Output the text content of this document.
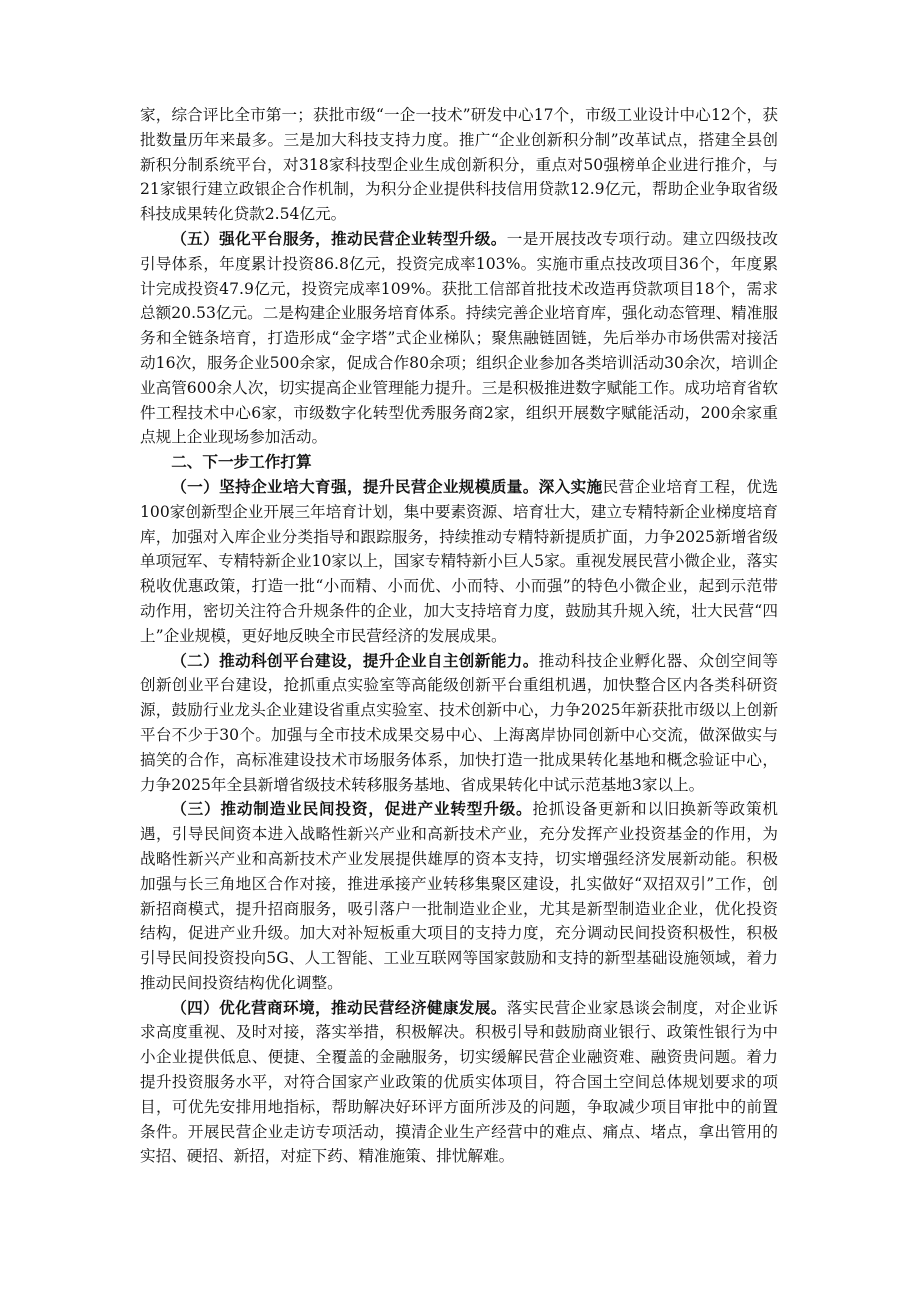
家，综合评比全市第一；获批市级“一企一技术”研发中心17个，市级工业设计中心12个，获批数量历年来最多。三是加大科技支持力度。推广“企业创新积分制”改革试点，搭建全县创新积分制系统平台，对318家科技型企业生成创新积分，重点对50强榜单企业进行推介，与21家银行建立政银企合作机制，为积分企业提供科技信用贷款12.9亿元，帮助企业争取省级科技成果转化贷款2.54亿元。

（五）强化平台服务，推动民营企业转型升级。一是开展技改专项行动。建立四级技改引导体系，年度累计投资86.8亿元，投资完成率103%。实施市重点技改项目36个，年度累计完成投资47.9亿元，投资完成率109%。获批工信部首批技术改造再贷款项目18个，需求总额20.53亿元。二是构建企业服务培育体系。持续完善企业培育库，强化动态管理、精准服务和全链条培育，打造形成“金字塔”式企业梯队；聚焦融链固链，先后举办市场供需对接活动16次，服务企业500余家，促成合作80余项；组织企业参加各类培训活动30余次，培训企业高管600余人次，切实提高企业管理能力提升。三是积极推进数字赋能工作。成功培育省软件工程技术中心6家，市级数字化转型优秀服务商2家，组织开展数字赋能活动，200余家重点规上企业现场参加活动。

二、下一步工作打算

（一）坚持企业培大育强，提升民营企业规模质量。深入实施民营企业培育工程，优选100家创新型企业开展三年培育计划，集中要素资源、培育壮大，建立专精特新企业梯度培育库，加强对入库企业分类指导和跟踪服务，持续推动专精特新提质扩面，力争2025新增省级单项冠军、专精特新企业10家以上，国家专精特新小巨人5家。重视发展民营小微企业，落实税收优惠政策，打造一批“小而精、小而优、小而特、小而强”的特色小微企业，起到示范带动作用，密切关注符合升规条件的企业，加大支持培育力度，鼓励其升规入统，壮大民营“四上”企业规模，更好地反映全市民营经济的发展成果。

（二）推动科创平台建设，提升企业自主创新能力。推动科技企业孵化器、众创空间等创新创业平台建设，抢抓重点实验室等高能级创新平台重组机遇，加快整合区内各类科研资源，鼓励行业龙头企业建设省重点实验室、技术创新中心，力争2025年新获批市级以上创新平台不少于30个。加强与全市技术成果交易中心、上海离岸协同创新中心交流，做深做实与搞笑的合作，高标准建设技术市场服务体系，加快打造一批成果转化基地和概念验证中心，力争2025年全县新增省级技术转移服务基地、省成果转化中试示范基地3家以上。

（三）推动制造业民间投资，促进产业转型升级。抢抓设备更新和以旧换新等政策机遇，引导民间资本进入战略性新兴产业和高新技术产业，充分发挥产业投资基金的作用，为战略性新兴产业和高新技术产业发展提供雄厚的资本支持，切实增强经济发展新动能。积极加强与长三角地区合作对接，推进承接产业转移集聚区建设，扎实做好“双招双引”工作，创新招商模式，提升招商服务，吸引落户一批制造业企业，尤其是新型制造业企业，优化投资结构，促进产业升级。加大对补短板重大项目的支持力度，充分调动民间投资积极性，积极引导民间投资投向5G、人工智能、工业互联网等国家鼓励和支持的新型基础设施领域，着力推动民间投资结构优化调整。

（四）优化营商环境，推动民营经济健康发展。落实民营企业家恳谈会制度，对企业诉求高度重视、及时对接，落实举措，积极解决。积极引导和鼓励商业银行、政策性银行为中小企业提供低息、便捷、全覆盖的金融服务，切实缓解民营企业融资难、融资贵问题。着力提升投资服务水平，对符合国家产业政策的优质实体项目，符合国土空间总体规划要求的项目，可优先安排用地指标，帮助解决好环评方面所涉及的问题，争取减少项目审批中的前置条件。开展民营企业走访专项活动，摸清企业生产经营中的难点、痛点、堵点，拿出管用的实招、硬招、新招，对症下药、精准施策、排忧解难。
